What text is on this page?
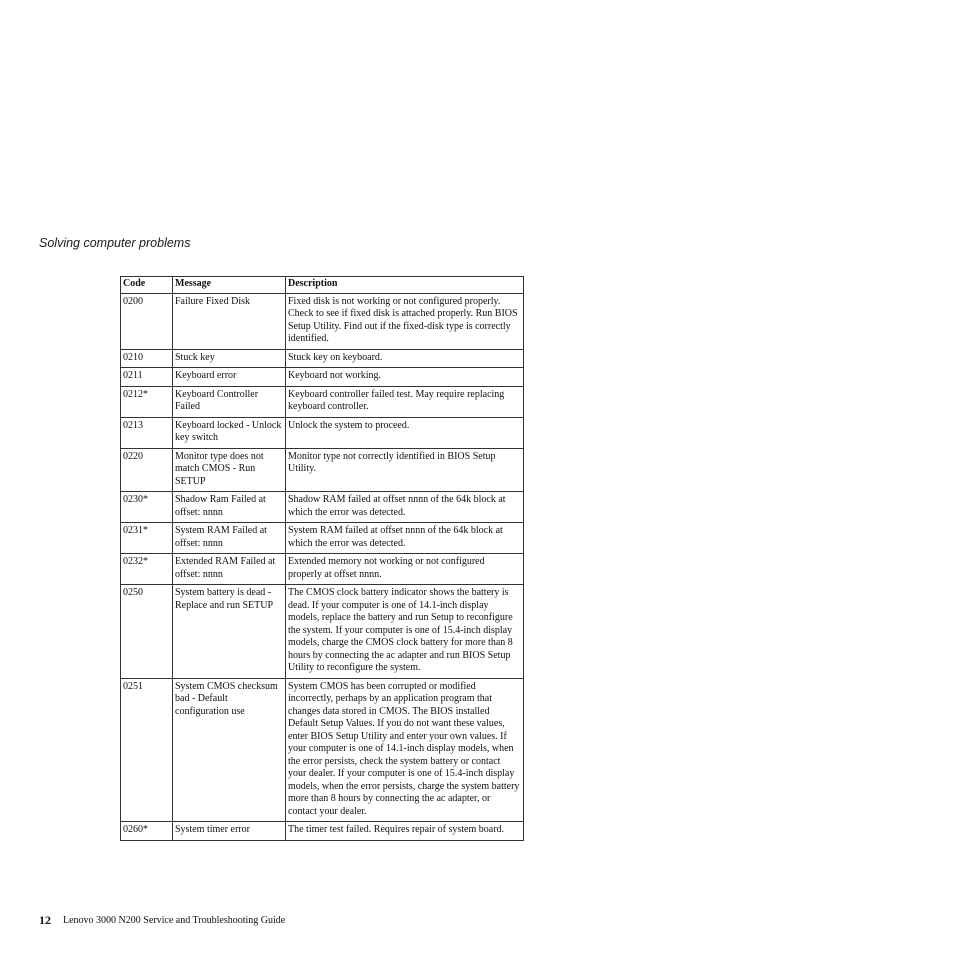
Solving computer problems
Code	Message	Description
0200	Failure Fixed Disk	Fixed disk is not working or not configured properly. Check to see if fixed disk is attached properly. Run BIOS Setup Utility. Find out if the fixed-disk type is correctly identified.
0210	Stuck key	Stuck key on keyboard.
0211	Keyboard error	Keyboard not working.
0212*	Keyboard Controller Failed	Keyboard controller failed test. May require replacing keyboard controller.
0213	Keyboard locked - Unlock key switch	Unlock the system to proceed.
0220	Monitor type does not match CMOS - Run SETUP	Monitor type not correctly identified in BIOS Setup Utility.
0230*	Shadow Ram Failed at offset: nnnn	Shadow RAM failed at offset nnnn of the 64k block at which the error was detected.
0231*	System RAM Failed at offset: nnnn	System RAM failed at offset nnnn of the 64k block at which the error was detected.
0232*	Extended RAM Failed at offset: nnnn	Extended memory not working or not configured properly at offset nnnn.
0250	System battery is dead - Replace and run SETUP	The CMOS clock battery indicator shows the battery is dead. If your computer is one of 14.1-inch display models, replace the battery and run Setup to reconfigure the system. If your computer is one of 15.4-inch display models, charge the CMOS clock battery for more than 8 hours by connecting the ac adapter and run BIOS Setup Utility to reconfigure the system.
0251	System CMOS checksum bad - Default configuration use	System CMOS has been corrupted or modified incorrectly, perhaps by an application program that changes data stored in CMOS. The BIOS installed Default Setup Values. If you do not want these values, enter BIOS Setup Utility and enter your own values. If your computer is one of 14.1-inch display models, when the error persists, check the system battery or contact your dealer. If your computer is one of 15.4-inch display models, when the error persists, charge the system battery more than 8 hours by connecting the ac adapter, or contact your dealer.
0260*	System timer error	The timer test failed. Requires repair of system board.
12 Lenovo 3000 N200 Service and Troubleshooting Guide
